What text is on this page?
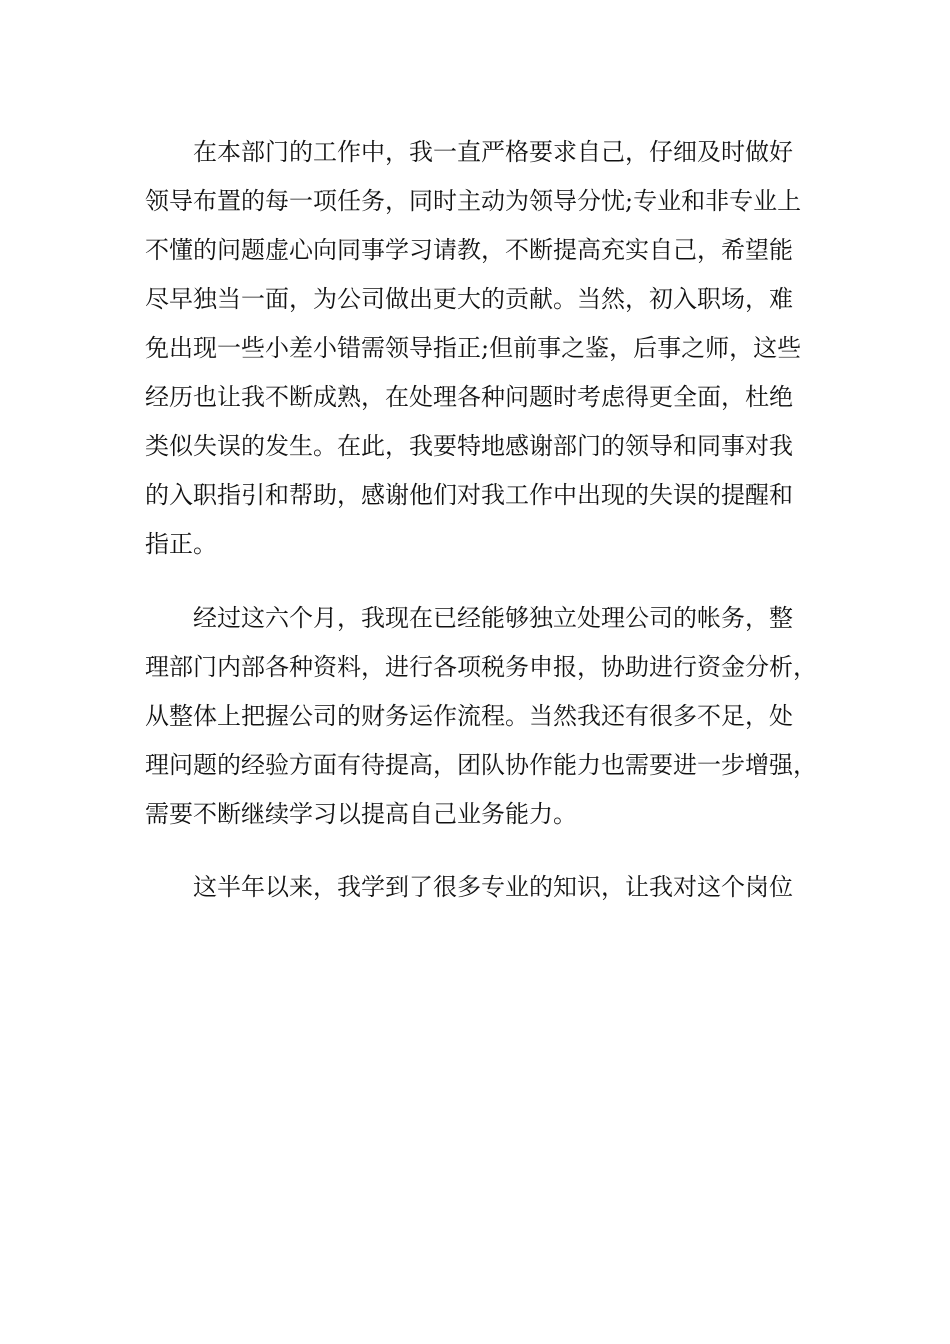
在本部门的工作中，我一直严格要求自己，仔细及时做好
领导布置的每一项任务，同时主动为领导分忧;专业和非专业上
不懂的问题虚心向同事学习请教，不断提高充实自己，希望能
尽早独当一面，为公司做出更大的贡献。当然，初入职场，难
免出现一些小差小错需领导指正;但前事之鉴，后事之师，这些
经历也让我不断成熟，在处理各种问题时考虑得更全面，杜绝
类似失误的发生。在此，我要特地感谢部门的领导和同事对我
的入职指引和帮助，感谢他们对我工作中出现的失误的提醒和
指正。

经过这六个月，我现在已经能够独立处理公司的帐务，整
理部门内部各种资料，进行各项税务申报，协助进行资金分析，
从整体上把握公司的财务运作流程。当然我还有很多不足，处
理问题的经验方面有待提高，团队协作能力也需要进一步增强，
需要不断继续学习以提高自己业务能力。

这半年以来，我学到了很多专业的知识，让我对这个岗位
